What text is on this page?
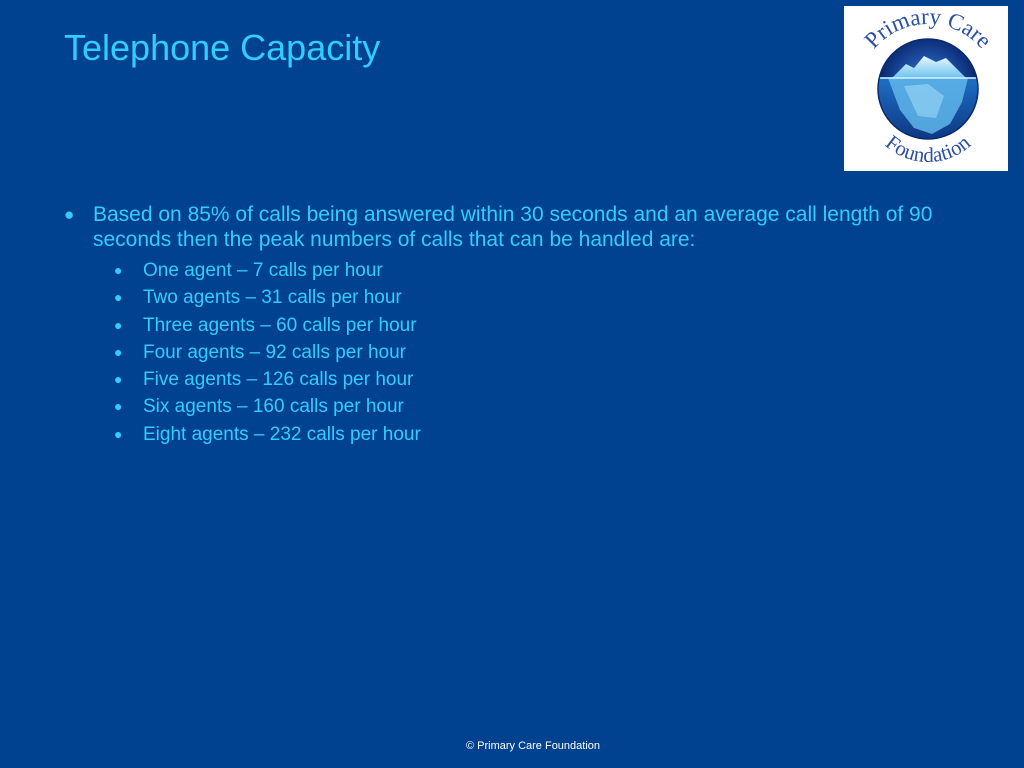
Telephone Capacity	Primary Care
Foundation
● Based on 85% of calls being answered within 30 seconds and an average call length of 90 seconds then the peak numbers of calls that can be handled are:
● One agent – 7 calls per hour
● Two agents – 31 calls per hour
● Three agents – 60 calls per hour
● Four agents – 92 calls per hour
● Five agents – 126 calls per hour
● Six agents – 160 calls per hour
● Eight agents – 232 calls per hour
© Primary Care Foundation
